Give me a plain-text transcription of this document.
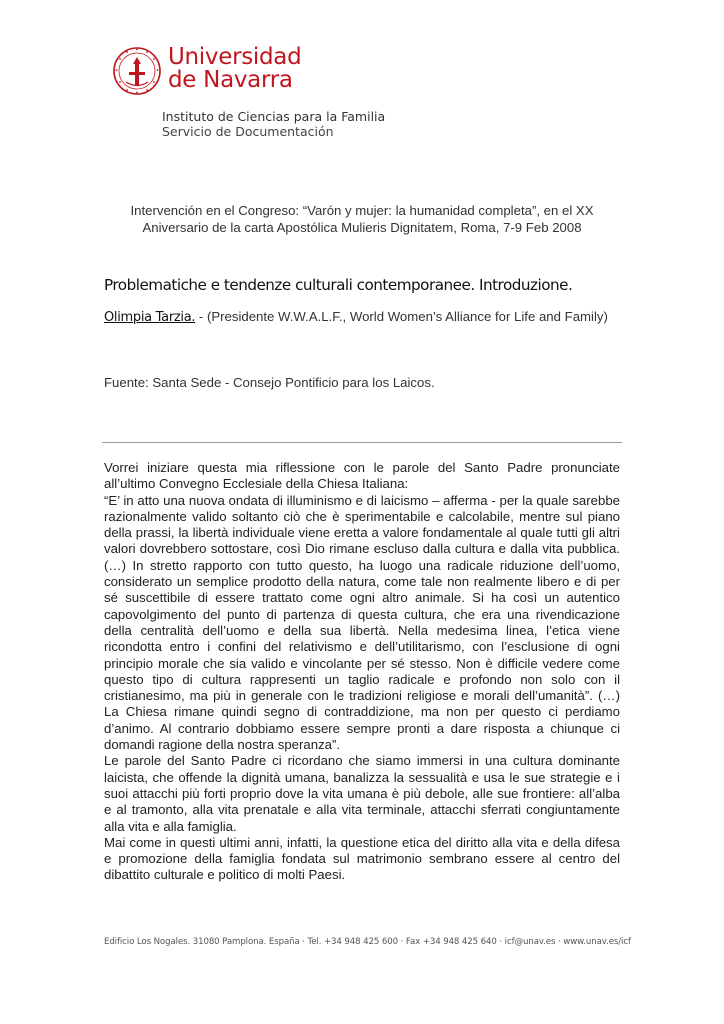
Universidad
de Navarra
Instituto de Ciencias para la Familia
Servicio de Documentación
Intervención en el Congreso: “Varón y mujer: la humanidad completa”, en el XX
Aniversario de la carta Apostólica Mulieris Dignitatem, Roma, 7-9 Feb 2008
Problematiche e tendenze culturali contemporanee. Introduzione.
Olimpia Tarzia. - (Presidente W.W.A.L.F., World Women’s Alliance for Life and Family)
Fuente: Santa Sede - Consejo Pontificio para los Laicos.

Vorrei iniziare questa mia riflessione con le parole del Santo Padre pronunciate all’ultimo Convegno Ecclesiale della Chiesa Italiana:

“E’ in atto una nuova ondata di illuminismo e di laicismo – afferma - per la quale sarebbe razionalmente valido soltanto ciò che è sperimentabile e calcolabile, mentre sul piano della prassi, la libertà individuale viene eretta a valore fondamentale al quale tutti gli altri valori dovrebbero sottostare, così Dio rimane escluso dalla cultura e dalla vita pubblica. (…) In stretto rapporto con tutto questo, ha luogo una radicale riduzione dell’uomo, considerato un semplice prodotto della natura, come tale non realmente libero e di per sé suscettibile di essere trattato come ogni altro animale. Si ha così un autentico capovolgimento del punto di partenza di questa cultura, che era una rivendicazione della centralità dell’uomo e della sua libertà. Nella medesima linea, l’etica viene ricondotta entro i confini del relativismo e dell’utilitarismo, con l’esclusione di ogni principio morale che sia valido e vincolante per sé stesso. Non è difficile vedere come questo tipo di cultura rappresenti un taglio radicale e profondo non solo con il cristianesimo, ma più in generale con le tradizioni religiose e morali dell’umanità”. (…) La Chiesa rimane quindi segno di contraddizione, ma non per questo ci perdiamo d’animo. Al contrario dobbiamo essere sempre pronti a dare risposta a chiunque ci domandi ragione della nostra speranza”.

Le parole del Santo Padre ci ricordano che siamo immersi in una cultura dominante laicista, che offende la dignità umana, banalizza la sessualità e usa le sue strategie e i suoi attacchi più forti proprio dove la vita umana è più debole, alle sue frontiere: all’alba e al tramonto, alla vita prenatale e alla vita terminale, attacchi sferrati congiuntamente alla vita e alla famiglia.

Mai come in questi ultimi anni, infatti, la questione etica del diritto alla vita e della difesa e promozione della famiglia fondata sul matrimonio sembrano essere al centro del dibattito culturale e politico di molti Paesi.

Edificio Los Nogales. 31080 Pamplona. España · Tel. +34 948 425 600 · Fax +34 948 425 640 · icf@unav.es · www.unav.es/icf
